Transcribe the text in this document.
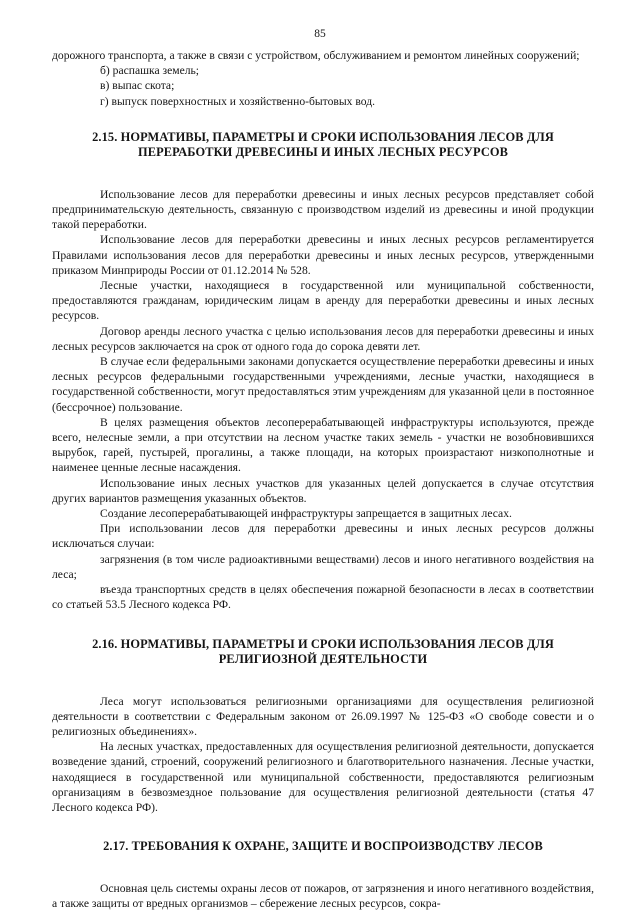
85

дорожного транспорта, а также в связи с устройством, обслуживанием и ремонтом линейных сооружений;

б) распашка земель;

в) выпас скота;

г) выпуск поверхностных и хозяйственно-бытовых вод.

2.15. НОРМАТИВЫ, ПАРАМЕТРЫ И СРОКИ ИСПОЛЬЗОВАНИЯ ЛЕСОВ ДЛЯ ПЕРЕРАБОТКИ ДРЕВЕСИНЫ И ИНЫХ ЛЕСНЫХ РЕСУРСОВ

Использование лесов для переработки древесины и иных лесных ресурсов представляет собой предпринимательскую деятельность, связанную с производством изделий из древесины и иной продукции такой переработки.

Использование лесов для переработки древесины и иных лесных ресурсов регламентируется Правилами использования лесов для переработки древесины и иных лесных ресурсов, утвержденными приказом Минприроды России от 01.12.2014 № 528.

Лесные участки, находящиеся в государственной или муниципальной собственности, предоставляются гражданам, юридическим лицам в аренду для переработки древесины и иных лесных ресурсов.

Договор аренды лесного участка с целью использования лесов для переработки древесины и иных лесных ресурсов заключается на срок от одного года до сорока девяти лет.

В случае если федеральными законами допускается осуществление переработки древесины и иных лесных ресурсов федеральными государственными учреждениями, лесные участки, находящиеся в государственной собственности, могут предоставляться этим учреждениям для указанной цели в постоянное (бессрочное) пользование.

В целях размещения объектов лесоперерабатывающей инфраструктуры используются, прежде всего, нелесные земли, а при отсутствии на лесном участке таких земель - участки не возобновившихся вырубок, гарей, пустырей, прогалины, а также площади, на которых произрастают низкополнотные и наименее ценные лесные насаждения.

Использование иных лесных участков для указанных целей допускается в случае отсутствия других вариантов размещения указанных объектов.

Создание лесоперерабатывающей инфраструктуры запрещается в защитных лесах.

При использовании лесов для переработки древесины и иных лесных ресурсов должны исключаться случаи:

загрязнения (в том числе радиоактивными веществами) лесов и иного негативного воздействия на леса;

въезда транспортных средств в целях обеспечения пожарной безопасности в лесах в соответствии со статьей 53.5 Лесного кодекса РФ.

2.16. НОРМАТИВЫ, ПАРАМЕТРЫ И СРОКИ ИСПОЛЬЗОВАНИЯ ЛЕСОВ ДЛЯ РЕЛИГИОЗНОЙ ДЕЯТЕЛЬНОСТИ

Леса могут использоваться религиозными организациями для осуществления религиозной деятельности в соответствии с Федеральным законом от 26.09.1997 № 125-ФЗ «О свободе совести и о религиозных объединениях».

На лесных участках, предоставленных для осуществления религиозной деятельности, допускается возведение зданий, строений, сооружений религиозного и благотворительного назначения. Лесные участки, находящиеся в государственной или муниципальной собственности, предоставляются религиозным организациям в безвозмездное пользование для осуществления религиозной деятельности (статья 47 Лесного кодекса РФ).

2.17. ТРЕБОВАНИЯ К ОХРАНЕ, ЗАЩИТЕ И ВОСПРОИЗВОДСТВУ ЛЕСОВ

Основная цель системы охраны лесов от пожаров, от загрязнения и иного негативного воздействия, а также защиты от вредных организмов – сбережение лесных ресурсов, сокра-
